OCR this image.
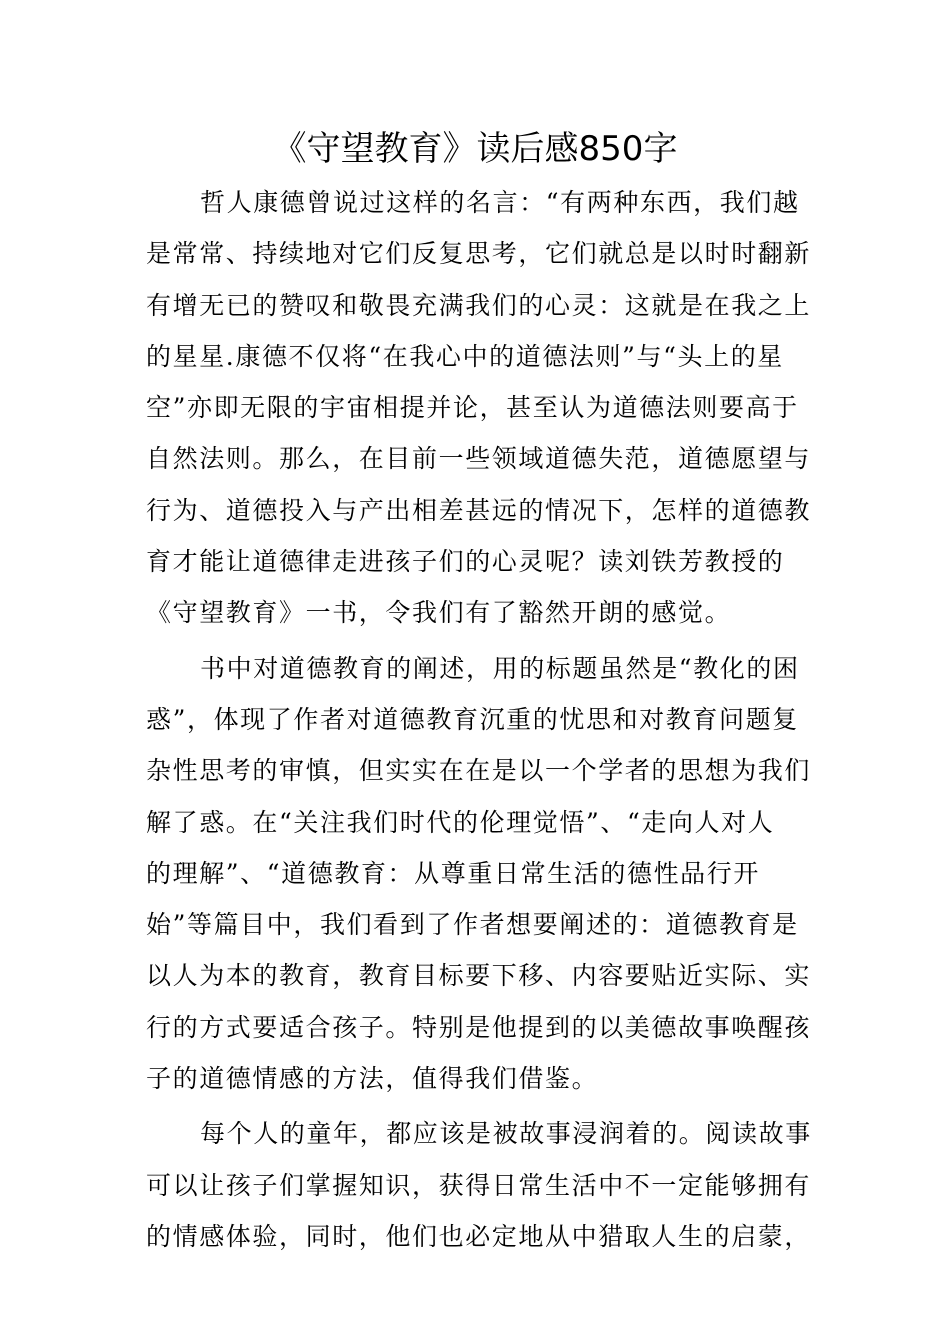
《守望教育》读后感850字
哲人康德曾说过这样的名言：“有两种东西，我们越
是常常、持续地对它们反复思考，它们就总是以时时翻新
有增无已的赞叹和敬畏充满我们的心灵：这就是在我之上
的星星.康德不仅将“在我心中的道德法则”与“头上的星
空”亦即无限的宇宙相提并论，甚至认为道德法则要高于
自然法则。那么，在目前一些领域道德失范，道德愿望与
行为、道德投入与产出相差甚远的情况下，怎样的道德教
育才能让道德律走进孩子们的心灵呢？读刘铁芳教授的
《守望教育》一书，令我们有了豁然开朗的感觉。
书中对道德教育的阐述，用的标题虽然是“教化的困
惑”，体现了作者对道德教育沉重的忧思和对教育问题复
杂性思考的审慎，但实实在在是以一个学者的思想为我们
解了惑。在“关注我们时代的伦理觉悟”、“走向人对人
的理解”、“道德教育：从尊重日常生活的德性品行开
始”等篇目中，我们看到了作者想要阐述的：道德教育是
以人为本的教育，教育目标要下移、内容要贴近实际、实
行的方式要适合孩子。特别是他提到的以美德故事唤醒孩
子的道德情感的方法，值得我们借鉴。
每个人的童年，都应该是被故事浸润着的。阅读故事
可以让孩子们掌握知识，获得日常生活中不一定能够拥有
的情感体验，同时，他们也必定地从中猎取人生的启蒙，
